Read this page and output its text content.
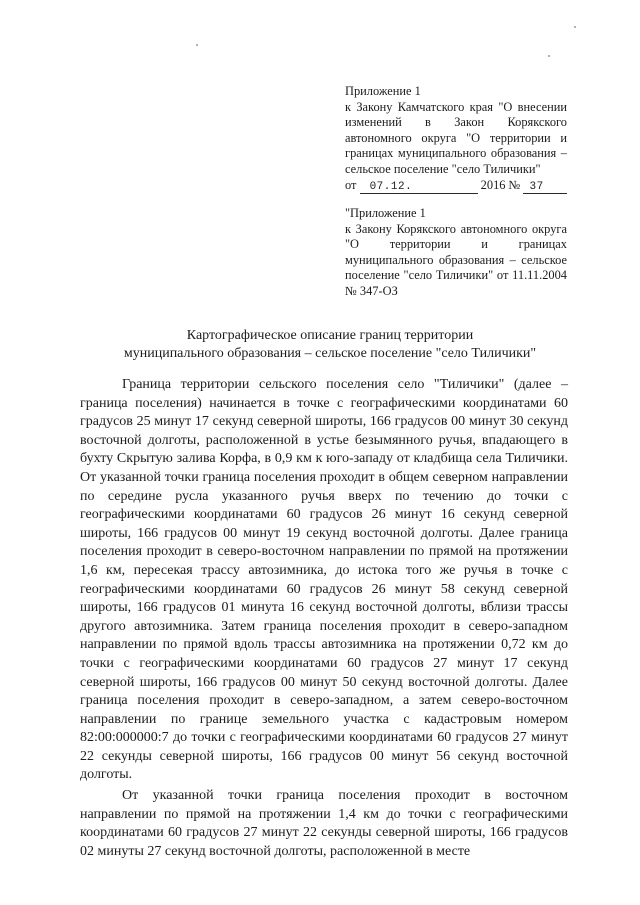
Приложение 1
к Закону Камчатского края "О внесении изменений в Закон Корякского автономного округа "О территории и границах муниципального образования – сельское поселение "село Тиличики"
от 07.12.	2016 № 37
"Приложение 1
к Закону Корякского автономного округа "О территории и границах муниципального образования – сельское поселение "село Тиличики" от 11.11.2004 № 347-ОЗ
Картографическое описание границ территории
муниципального образования – сельское поселение "село Тиличики"

Граница территории сельского поселения село "Тиличики" (далее – граница поселения) начинается в точке с географическими координатами 60 градусов 25 минут 17 секунд северной широты, 166 градусов 00 минут 30 секунд восточной долготы, расположенной в устье безымянного ручья, впадающего в бухту Скрытую залива Корфа, в 0,9 км к юго-западу от кладбища села Тиличики. От указанной точки граница поселения проходит в общем северном направлении по середине русла указанного ручья вверх по течению до точки с географическими координатами 60 градусов 26 минут 16 секунд северной широты, 166 градусов 00 минут 19 секунд восточной долготы. Далее граница поселения проходит в северо-восточном направлении по прямой на протяжении 1,6 км, пересекая трассу автозимника, до истока того же ручья в точке с географическими координатами 60 градусов 26 минут 58 секунд северной широты, 166 градусов 01 минута 16 секунд восточной долготы, вблизи трассы другого автозимника. Затем граница поселения проходит в северо-западном направлении по прямой вдоль трассы автозимника на протяжении 0,72 км до точки с географическими координатами 60 градусов 27 минут 17 секунд северной широты, 166 градусов 00 минут 50 секунд восточной долготы. Далее граница поселения проходит в северо-западном, а затем северо-восточном направлении по границе земельного участка с кадастровым номером 82:00:000000:7 до точки с географическими координатами 60 градусов 27 минут 22 секунды северной широты, 166 градусов 00 минут 56 секунд восточной долготы.

От указанной точки граница поселения проходит в восточном направлении по прямой на протяжении 1,4 км до точки с географическими координатами 60 градусов 27 минут 22 секунды северной широты, 166 градусов 02 минуты 27 секунд восточной долготы, расположенной в месте
